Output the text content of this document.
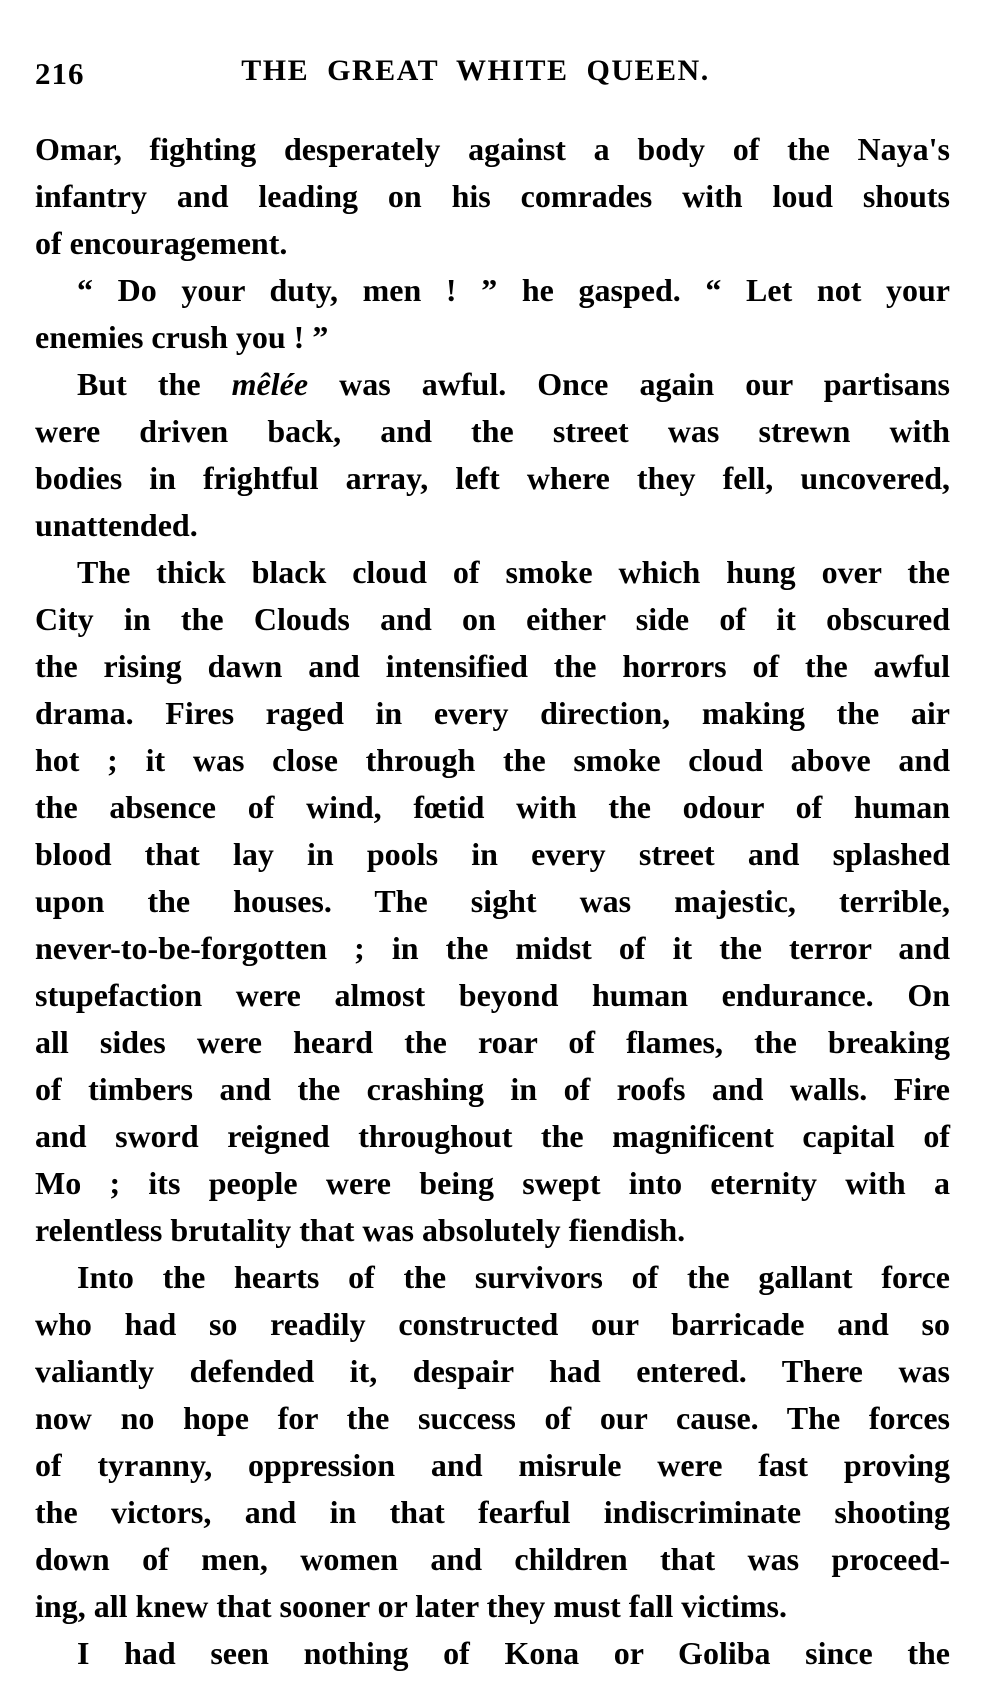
216	THE GREAT WHITE QUEEN.
Omar, fighting desperately against a body of the Naya's
infantry and leading on his comrades with loud shouts
of encouragement.
“ Do your duty, men ! ” he gasped. “ Let not your
enemies crush you ! ”
But the mêlée was awful. Once again our partisans
were driven back, and the street was strewn with
bodies in frightful array, left where they fell, uncovered,
unattended.
The thick black cloud of smoke which hung over the
City in the Clouds and on either side of it obscured
the rising dawn and intensified the horrors of the awful
drama. Fires raged in every direction, making the air
hot ; it was close through the smoke cloud above and
the absence of wind, fœtid with the odour of human
blood that lay in pools in every street and splashed
upon the houses. The sight was majestic, terrible,
never-to-be-forgotten ; in the midst of it the terror and
stupefaction were almost beyond human endurance. On
all sides were heard the roar of flames, the breaking
of timbers and the crashing in of roofs and walls. Fire
and sword reigned throughout the magnificent capital of
Mo ; its people were being swept into eternity with a
relentless brutality that was absolutely fiendish.
Into the hearts of the survivors of the gallant force
who had so readily constructed our barricade and so
valiantly defended it, despair had entered. There was
now no hope for the success of our cause. The forces
of tyranny, oppression and misrule were fast proving
the victors, and in that fearful indiscriminate shooting
down of men, women and children that was proceed-
ing, all knew that sooner or later they must fall victims.
I had seen nothing of Kona or Goliba since the
